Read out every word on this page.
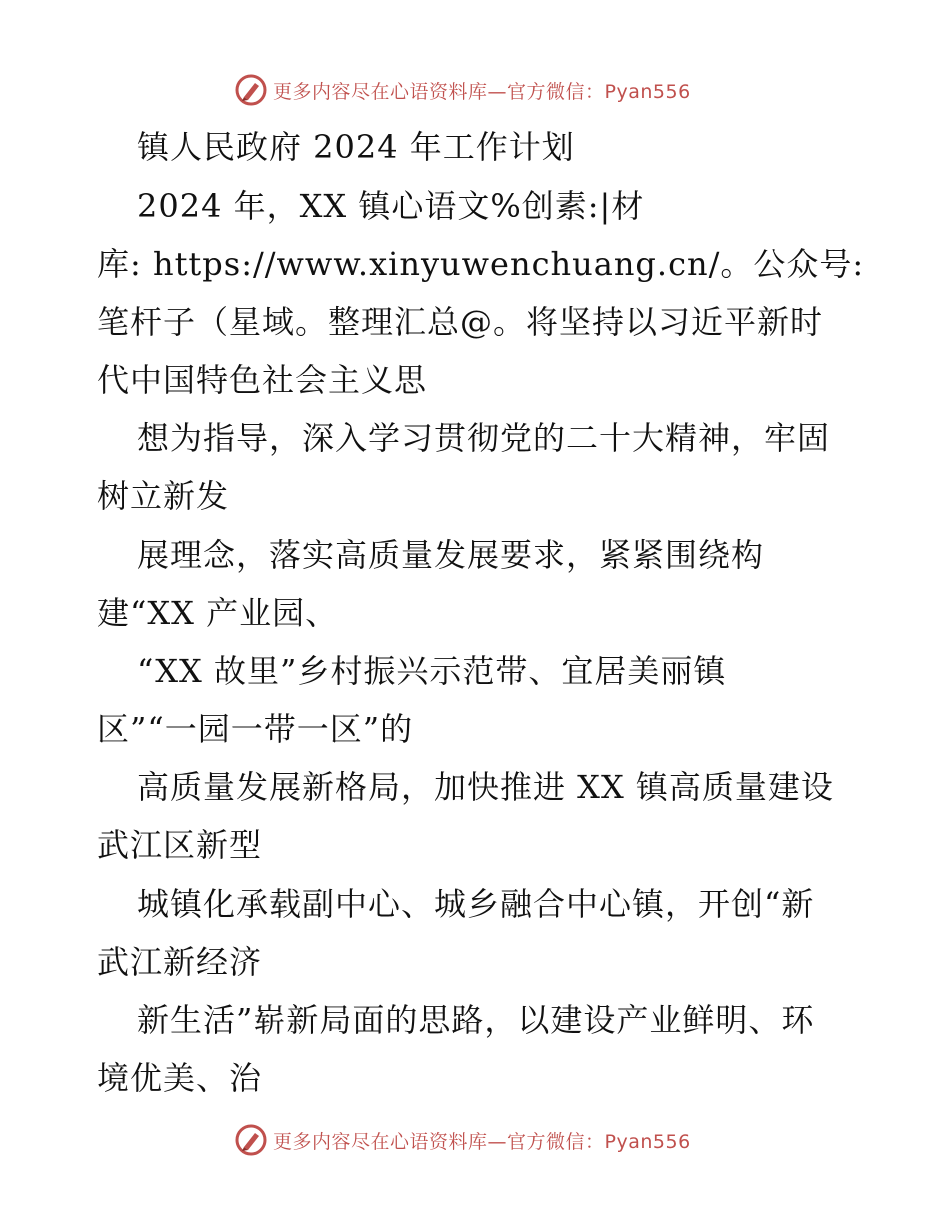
更多内容尽在心语资料库—官方微信：Pyan556
镇人民政府 2024 年工作计划
2024 年，XX 镇心语文%创素:|材
库: https://www.xinyuwenchuang.cn/。公众号:
笔杆子（星域。整理汇总@。将坚持以习近平新时
代中国特色社会主义思
想为指导，深入学习贯彻党的二十大精神，牢固
树立新发
展理念，落实高质量发展要求，紧紧围绕构
建“XX 产业园、
“XX 故里”乡村振兴示范带、宜居美丽镇
区”“一园一带一区”的
高质量发展新格局，加快推进 XX 镇高质量建设
武江区新型
城镇化承载副中心、城乡融合中心镇，开创“新
武江新经济
新生活”崭新局面的思路，以建设产业鲜明、环
境优美、治
更多内容尽在心语资料库—官方微信：Pyan556
